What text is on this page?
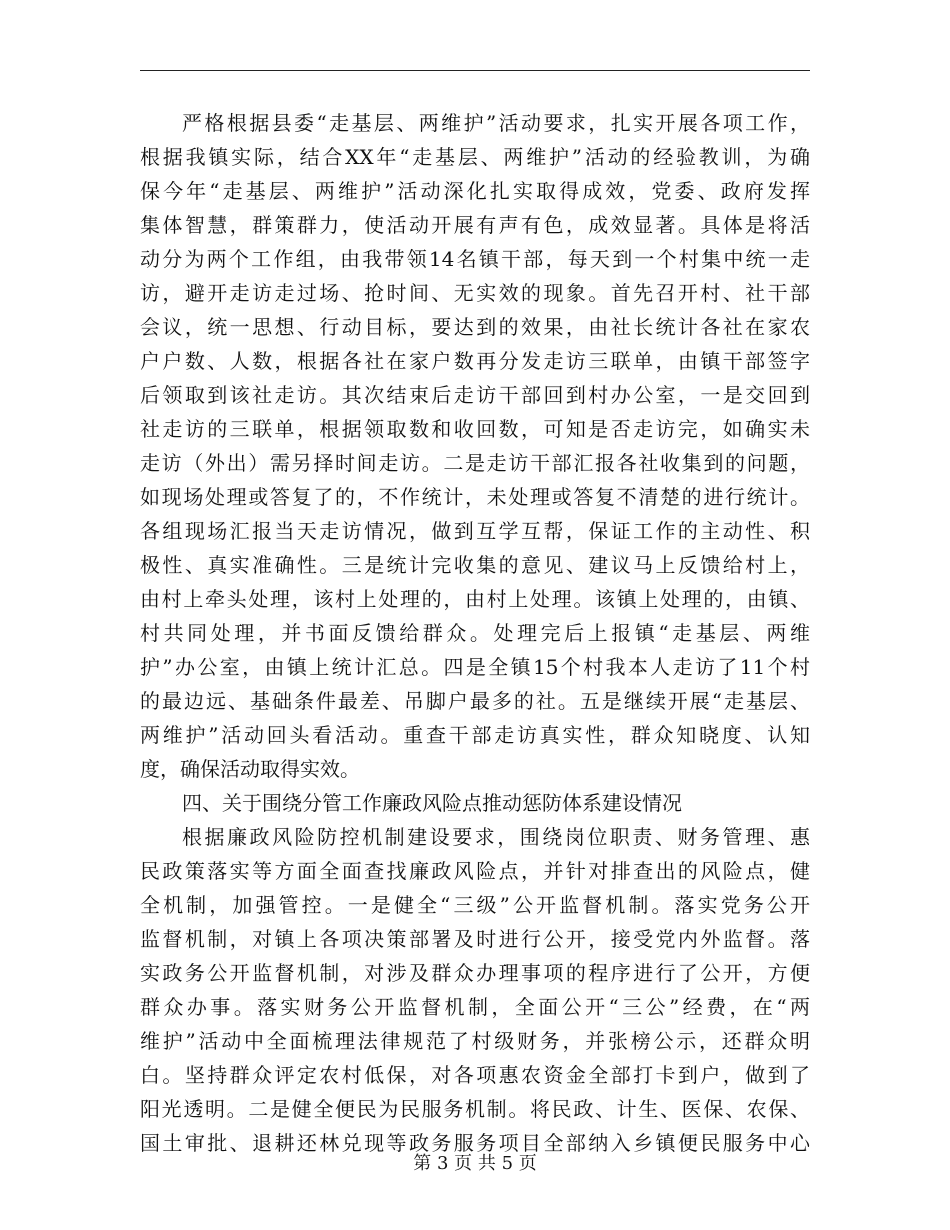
严格根据县委“走基层、两维护”活动要求，扎实开展各项工作，
根据我镇实际，结合XX年“走基层、两维护”活动的经验教训，为确
保今年“走基层、两维护”活动深化扎实取得成效，党委、政府发挥
集体智慧，群策群力，使活动开展有声有色，成效显著。具体是将活
动分为两个工作组，由我带领14名镇干部，每天到一个村集中统一走
访，避开走访走过场、抢时间、无实效的现象。首先召开村、社干部
会议，统一思想、行动目标，要达到的效果，由社长统计各社在家农
户户数、人数，根据各社在家户数再分发走访三联单，由镇干部签字
后领取到该社走访。其次结束后走访干部回到村办公室，一是交回到
社走访的三联单，根据领取数和收回数，可知是否走访完，如确实未
走访（外出）需另择时间走访。二是走访干部汇报各社收集到的问题，
如现场处理或答复了的，不作统计，未处理或答复不清楚的进行统计。
各组现场汇报当天走访情况，做到互学互帮，保证工作的主动性、积
极性、真实准确性。三是统计完收集的意见、建议马上反馈给村上，
由村上牵头处理，该村上处理的，由村上处理。该镇上处理的，由镇、
村共同处理，并书面反馈给群众。处理完后上报镇“走基层、两维
护”办公室，由镇上统计汇总。四是全镇15个村我本人走访了11个村
的最边远、基础条件最差、吊脚户最多的社。五是继续开展“走基层、
两维护”活动回头看活动。重查干部走访真实性，群众知晓度、认知
度，确保活动取得实效。
四、关于围绕分管工作廉政风险点推动惩防体系建设情况
根据廉政风险防控机制建设要求，围绕岗位职责、财务管理、惠
民政策落实等方面全面查找廉政风险点，并针对排查出的风险点，健
全机制，加强管控。一是健全“三级”公开监督机制。落实党务公开
监督机制，对镇上各项决策部署及时进行公开，接受党内外监督。落
实政务公开监督机制，对涉及群众办理事项的程序进行了公开，方便
群众办事。落实财务公开监督机制，全面公开“三公”经费，在“两
维护”活动中全面梳理法律规范了村级财务，并张榜公示，还群众明
白。坚持群众评定农村低保，对各项惠农资金全部打卡到户，做到了
阳光透明。二是健全便民为民服务机制。将民政、计生、医保、农保、
国土审批、退耕还林兑现等政务服务项目全部纳入乡镇便民服务中心
第 3 页 共 5 页
